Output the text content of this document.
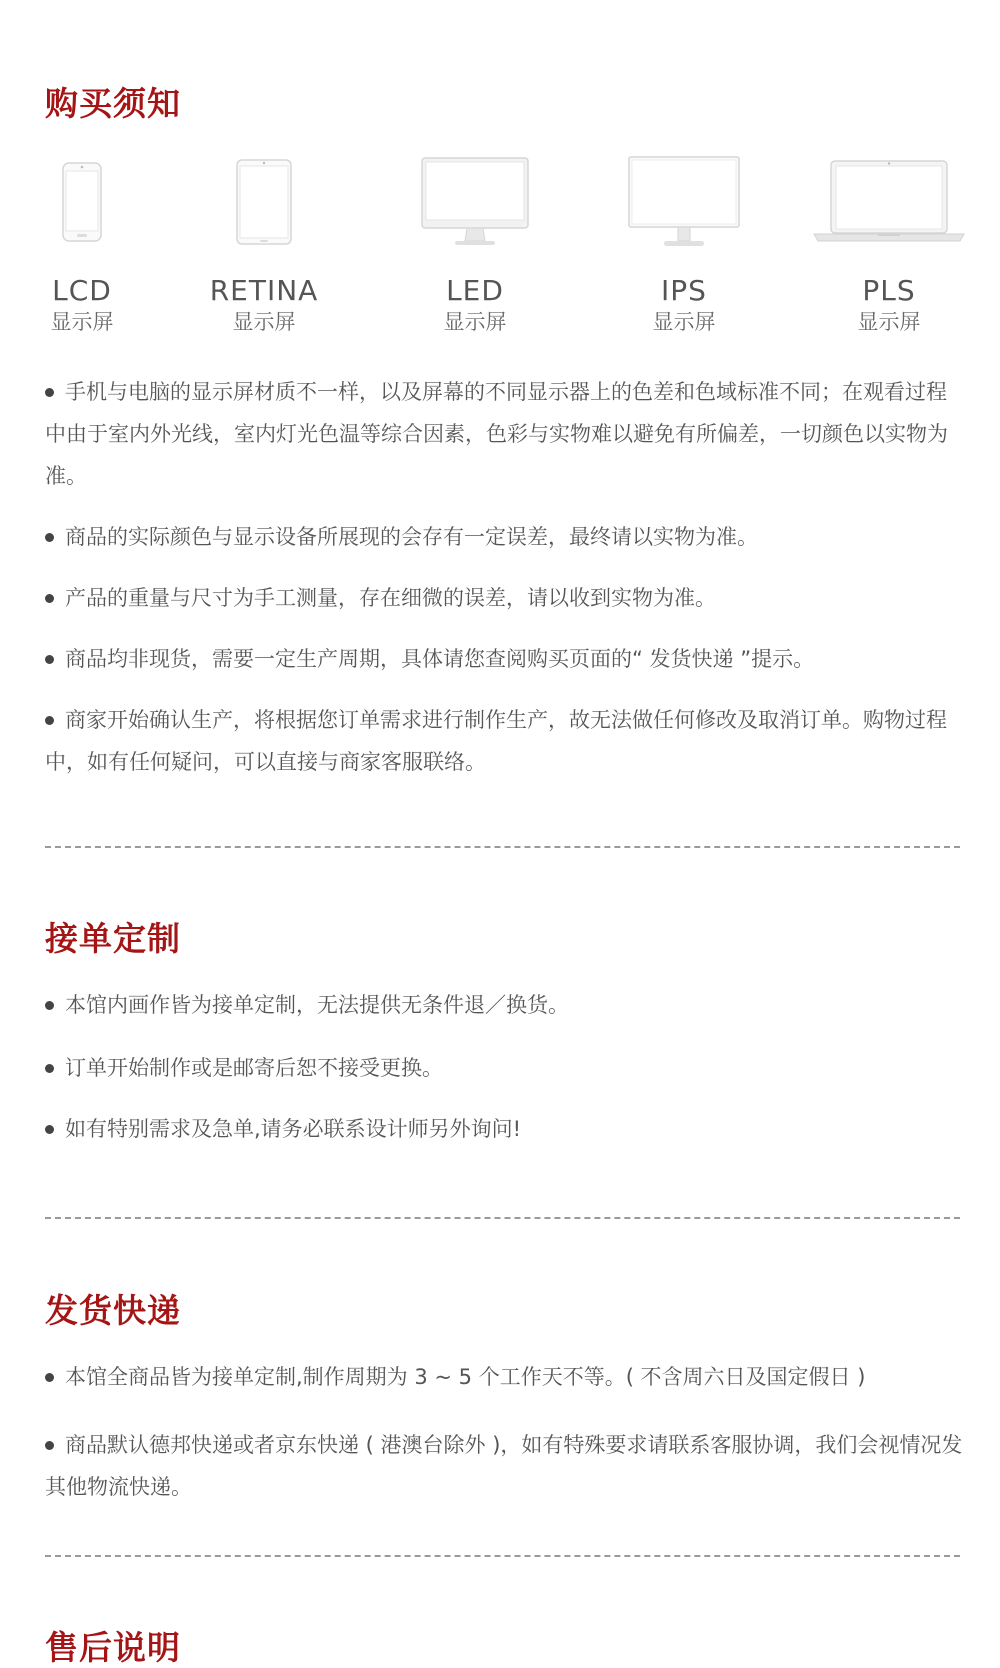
购买须知
LCD
显示屏
RETINA
显示屏
LED
显示屏
IPS
显示屏
PLS
显示屏

手机与电脑的显示屏材质不一样，以及屏幕的不同显示器上的色差和色域标准不同；在观看过程中由于室内外光线，室内灯光色温等综合因素，色彩与实物难以避免有所偏差，一切颜色以实物为准。

商品的实际颜色与显示设备所展现的会存有一定误差，最终请以实物为准。

产品的重量与尺寸为手工测量，存在细微的误差，请以收到实物为准。

商品均非现货，需要一定生产周期，具体请您查阅购买页面的“ 发货快递 ”提示。

商家开始确认生产，将根据您订单需求进行制作生产，故无法做任何修改及取消订单。购物过程中，如有任何疑问，可以直接与商家客服联络。

接单定制

本馆内画作皆为接单定制，无法提供无条件退／换货。

订单开始制作或是邮寄后恕不接受更换。

如有特别需求及急单,请务必联系设计师另外询问!

发货快递

本馆全商品皆为接单定制,制作周期为 3 ~ 5 个工作天不等。( 不含周六日及国定假日 )

商品默认德邦快递或者京东快递 ( 港澳台除外 )，如有特殊要求请联系客服协调，我们会视情况发其他物流快递。

售后说明
